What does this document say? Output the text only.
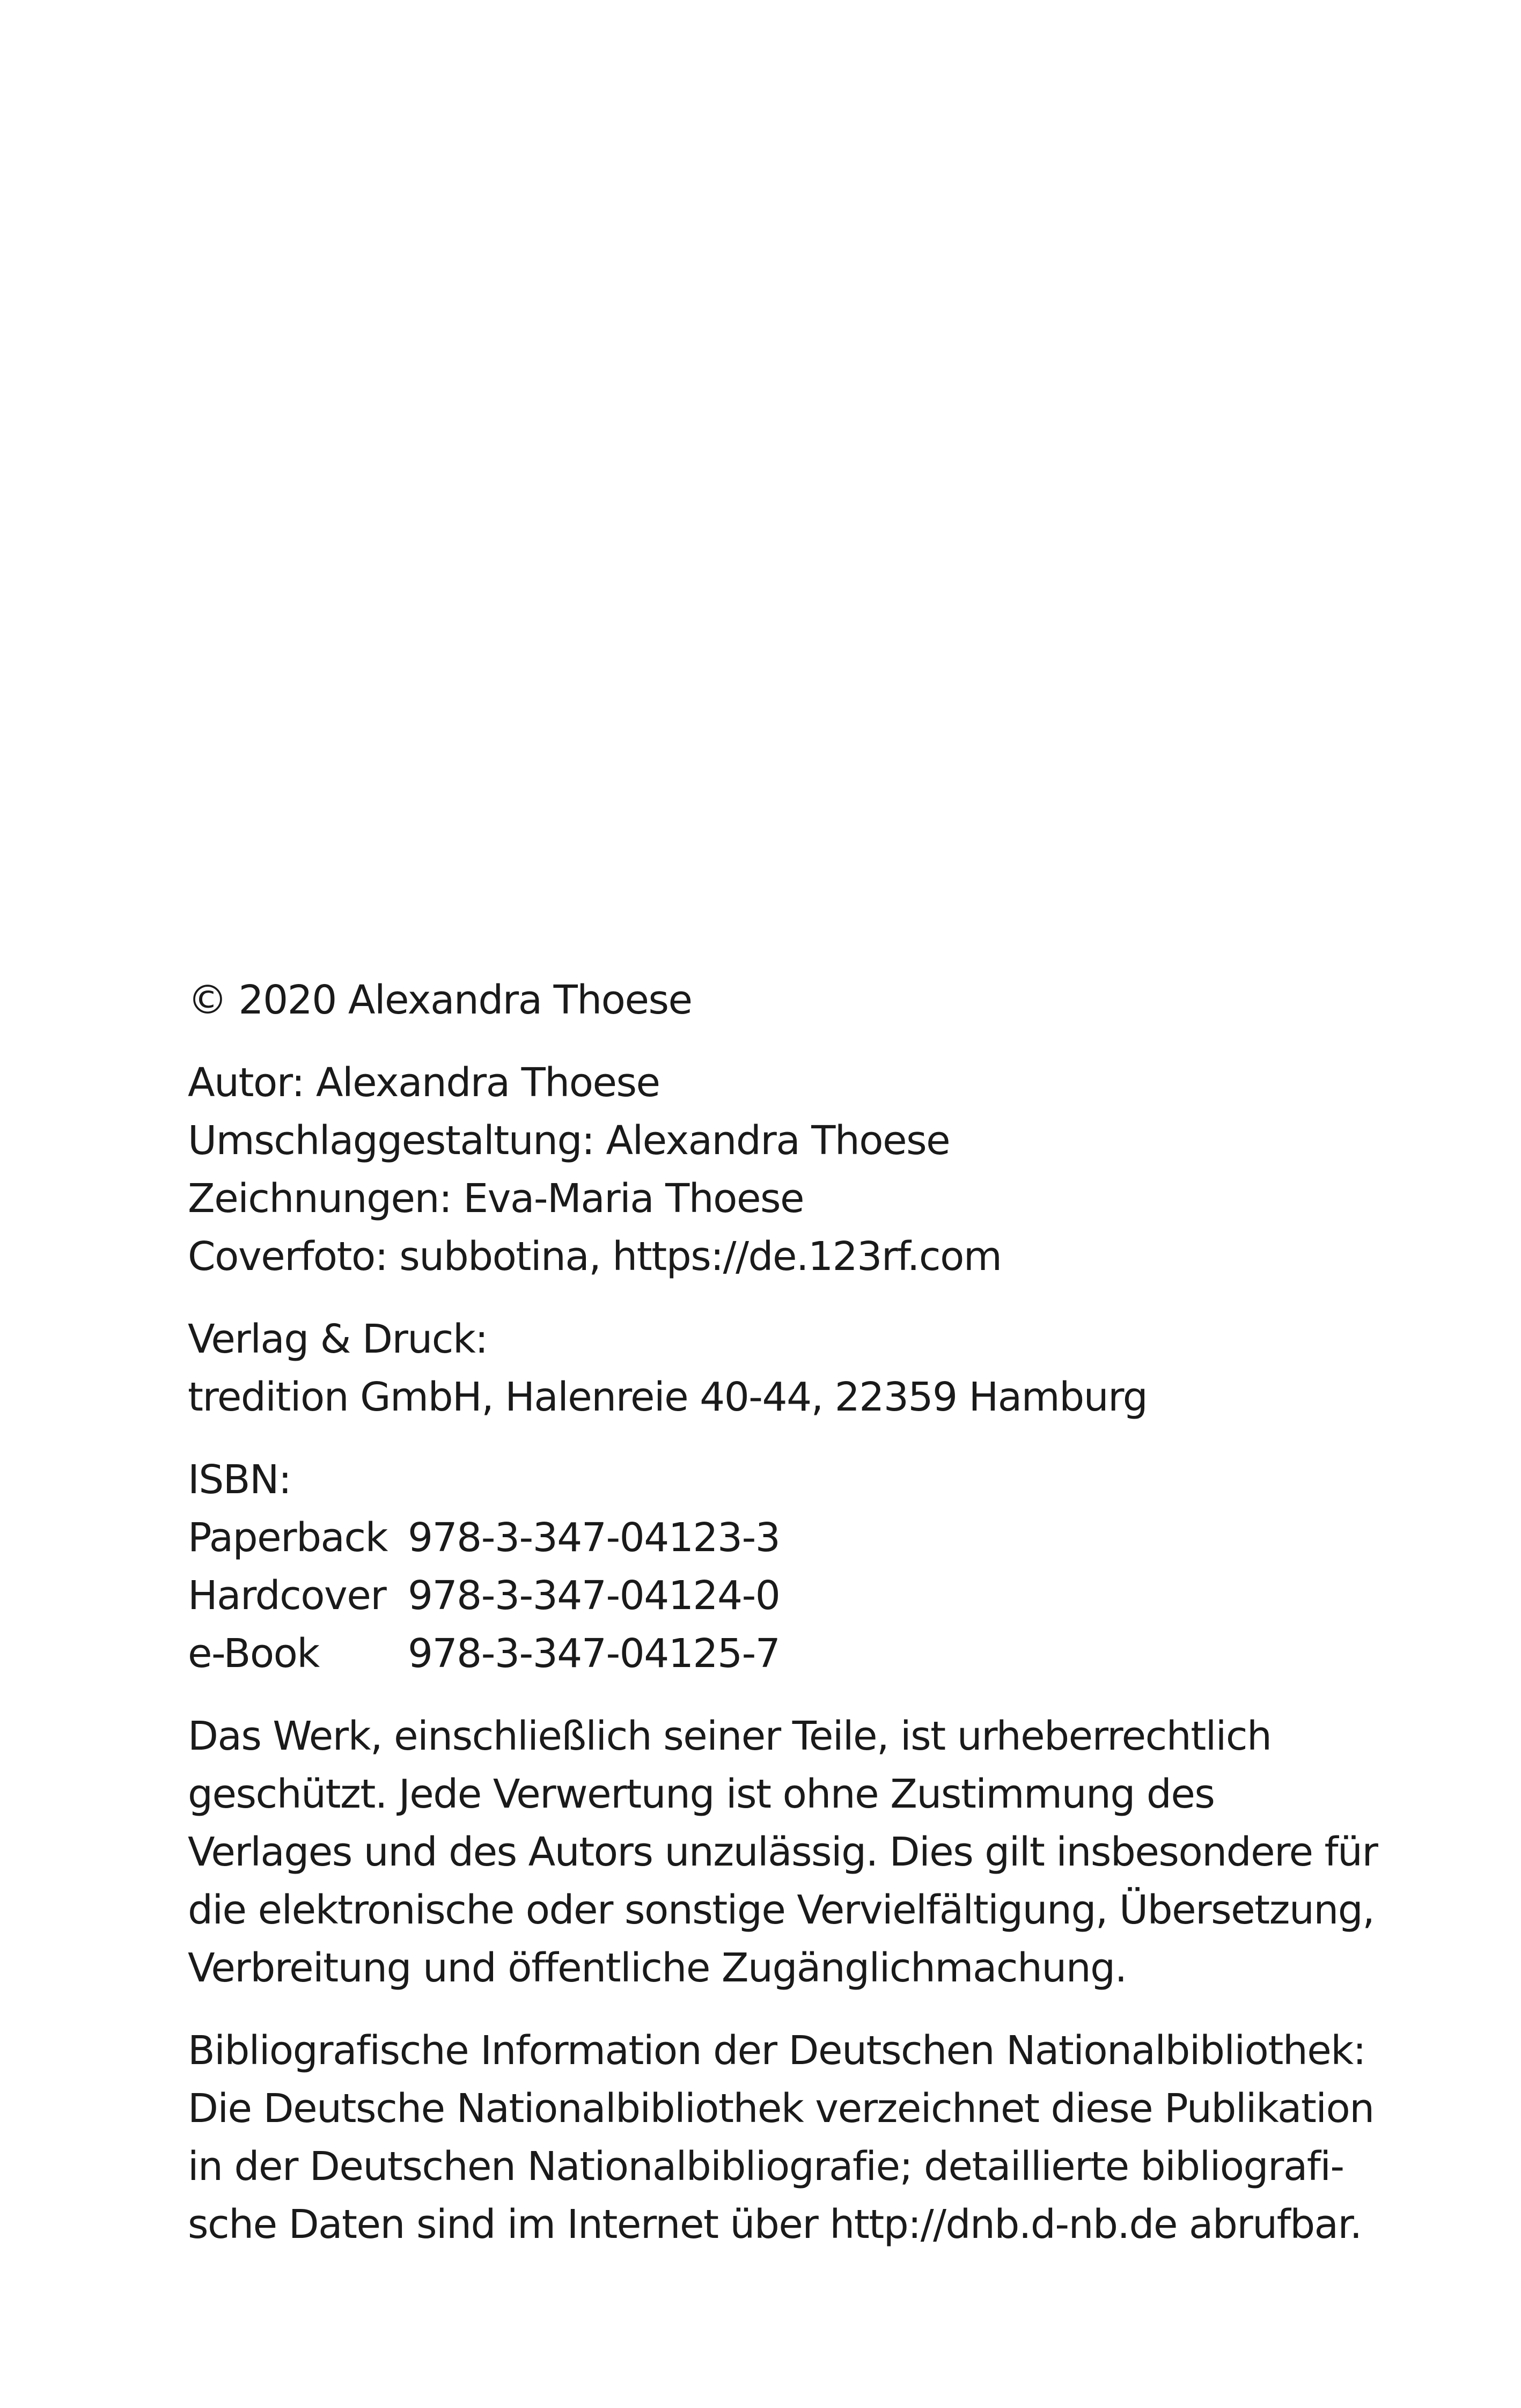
© 2020 Alexandra Thoese
Autor: Alexandra Thoese
Umschlaggestaltung: Alexandra Thoese
Zeichnungen: Eva-Maria Thoese
Coverfoto: subbotina, https://de.123rf.com
Verlag & Druck:
tredition GmbH, Halenreie 40-44, 22359 Hamburg
ISBN:
Paperback 978-3-347-04123-3
Hardcover 978-3-347-04124-0
e-Book	978-3-347-04125-7
Das Werk, einschließlich seiner Teile, ist urheberrechtlich
geschützt. Jede Verwertung ist ohne Zustimmung des
Verlages und des Autors unzulässig. Dies gilt insbesondere für
die elektronische oder sonstige Vervielfältigung, Übersetzung,
Verbreitung und öffentliche Zugänglichmachung.
Bibliografische Information der Deutschen Nationalbibliothek:
Die Deutsche Nationalbibliothek verzeichnet diese Publikation
in der Deutschen Nationalbibliografie; detaillierte bibliografi-
sche Daten sind im Internet über http://dnb.d-nb.de abrufbar.
